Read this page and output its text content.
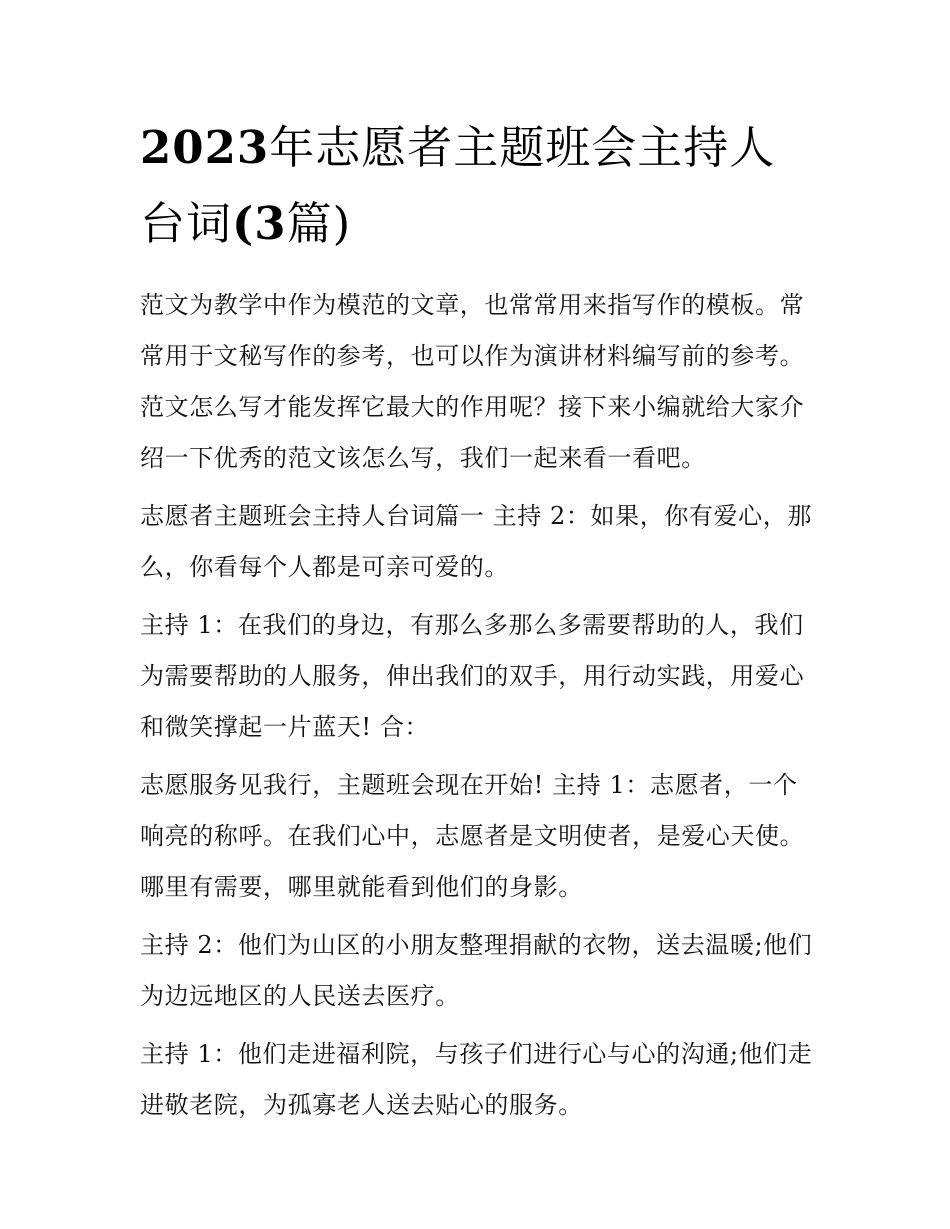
2023年志愿者主题班会主持人
台词(3篇)
范文为教学中作为模范的文章，也常常用来指写作的模板。常
常用于文秘写作的参考，也可以作为演讲材料编写前的参考。
范文怎么写才能发挥它最大的作用呢？接下来小编就给大家介
绍一下优秀的范文该怎么写，我们一起来看一看吧。
志愿者主题班会主持人台词篇一 主持 2：如果，你有爱心，那
么，你看每个人都是可亲可爱的。
主持 1：在我们的身边，有那么多那么多需要帮助的人，我们
为需要帮助的人服务，伸出我们的双手，用行动实践，用爱心
和微笑撑起一片蓝天! 合：
志愿服务见我行，主题班会现在开始! 主持 1：志愿者，一个
响亮的称呼。在我们心中，志愿者是文明使者，是爱心天使。
哪里有需要，哪里就能看到他们的身影。
主持 2：他们为山区的小朋友整理捐献的衣物，送去温暖;他们
为边远地区的人民送去医疗。
主持 1：他们走进福利院，与孩子们进行心与心的沟通;他们走
进敬老院，为孤寡老人送去贴心的服务。
